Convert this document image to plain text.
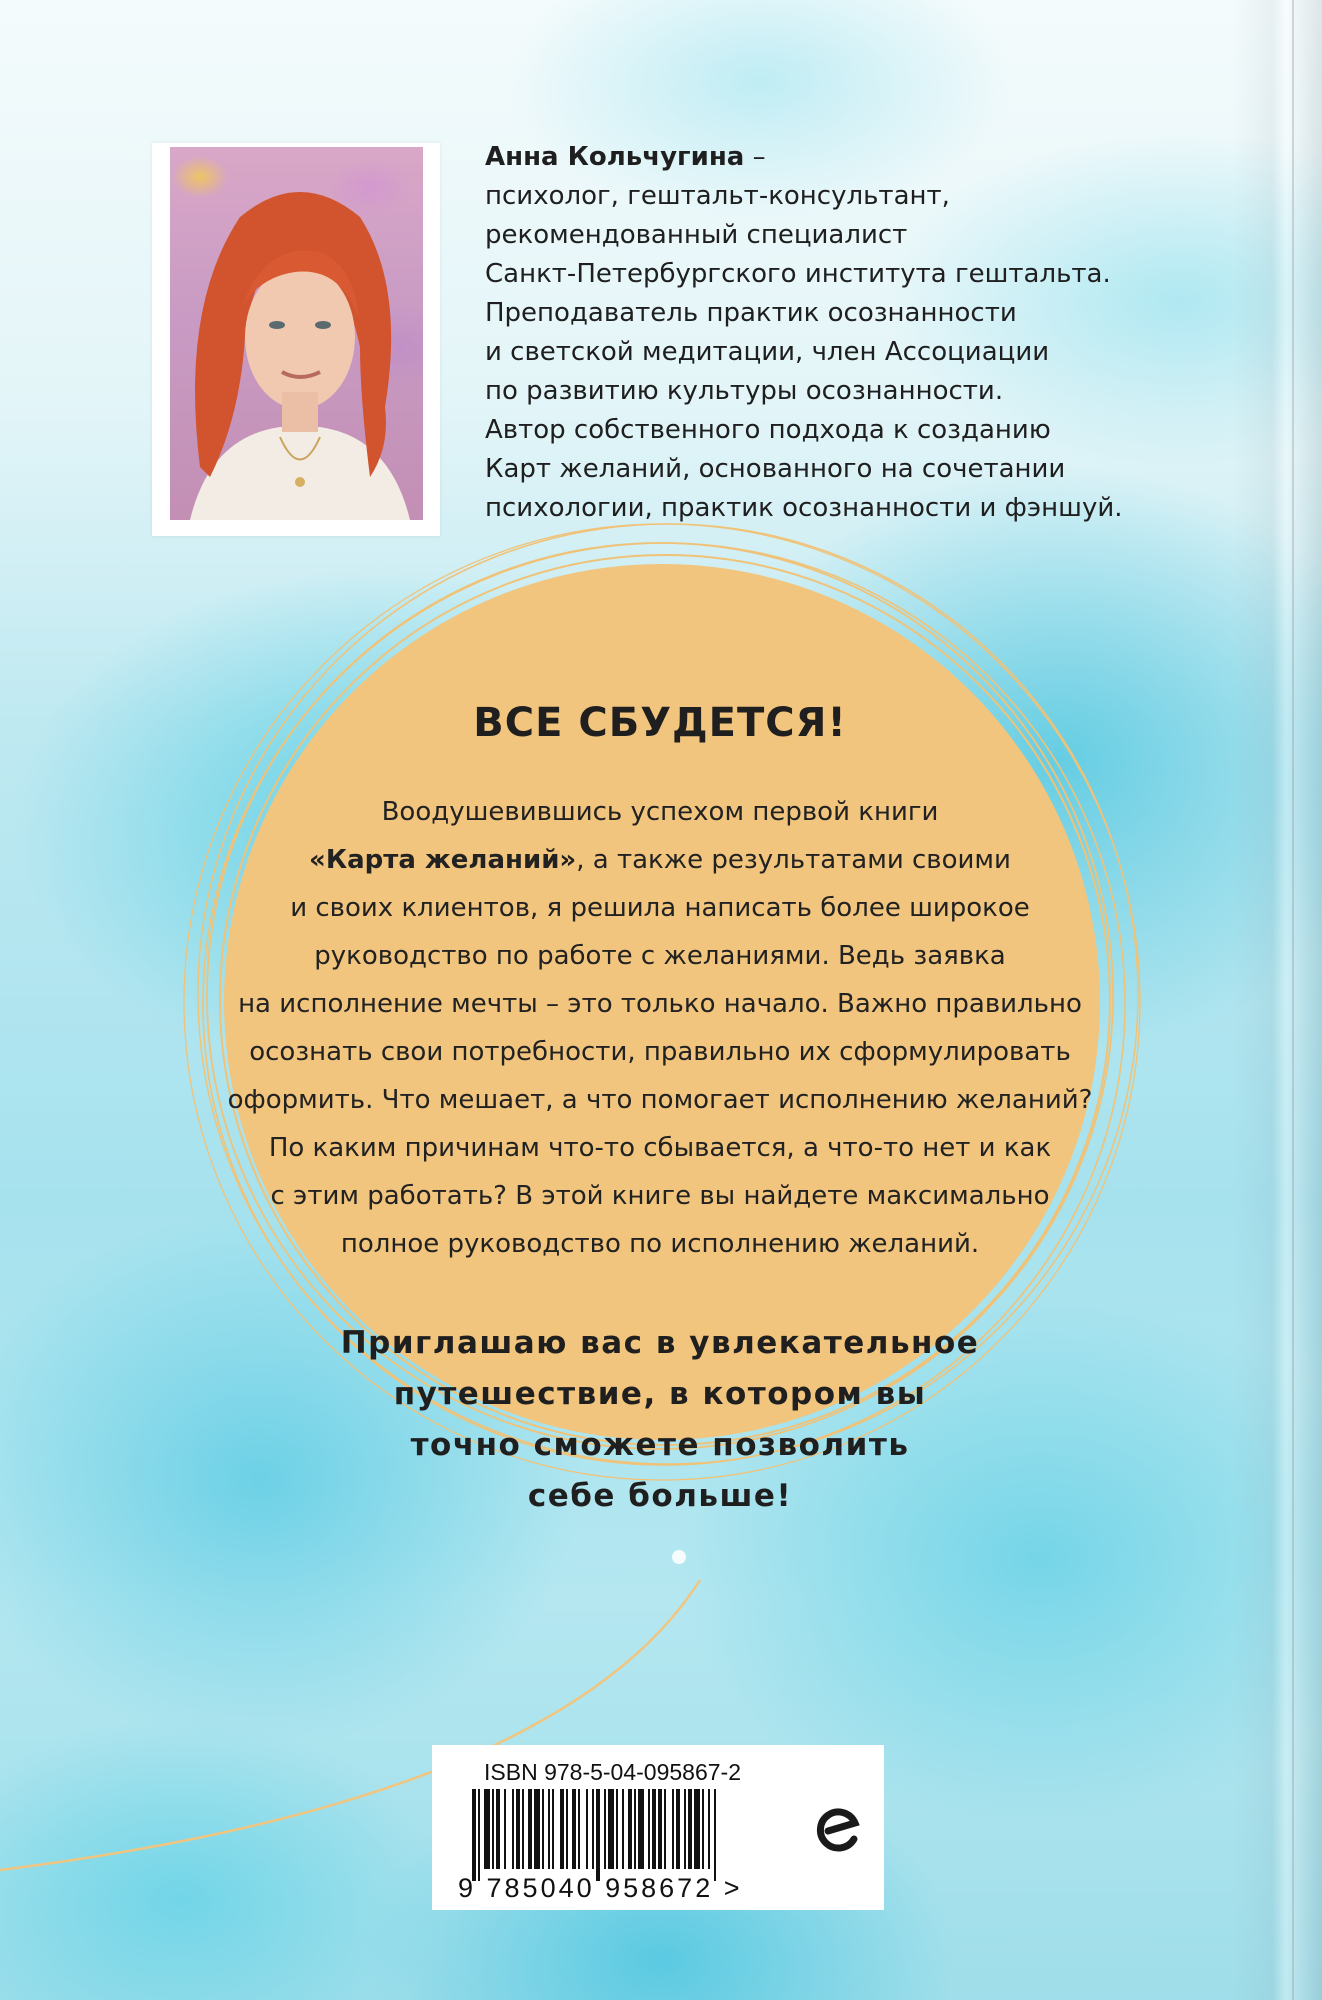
Анна Кольчугина –
психолог, гештальт-консультант,
рекомендованный специалист
Санкт-Петербургского института гештальта.
Преподаватель практик осознанности
и светской медитации, член Ассоциации
по развитию культуры осознанности.
Автор собственного подхода к созданию
Карт желаний, основанного на сочетании
психологии, практик осознанности и фэншуй.
ВСЕ СБУДЕТСЯ!
Воодушевившись успехом первой книги
«Карта желаний», а также результатами своими
и своих клиентов, я решила написать более широкое
руководство по работе с желаниями. Ведь заявка
на исполнение мечты – это только начало. Важно правильно
осознать свои потребности, правильно их сформулировать
оформить. Что мешает, а что помогает исполнению желаний?
По каким причинам что-то сбывается, а что-то нет и как
с этим работать? В этой книге вы найдете максимально
полное руководство по исполнению желаний.
Приглашаю вас в увлекательное
путешествие, в котором вы
точно сможете позволить
себе больше!
ISBN 978-5-04-095867-2
9 785040 958672 >
